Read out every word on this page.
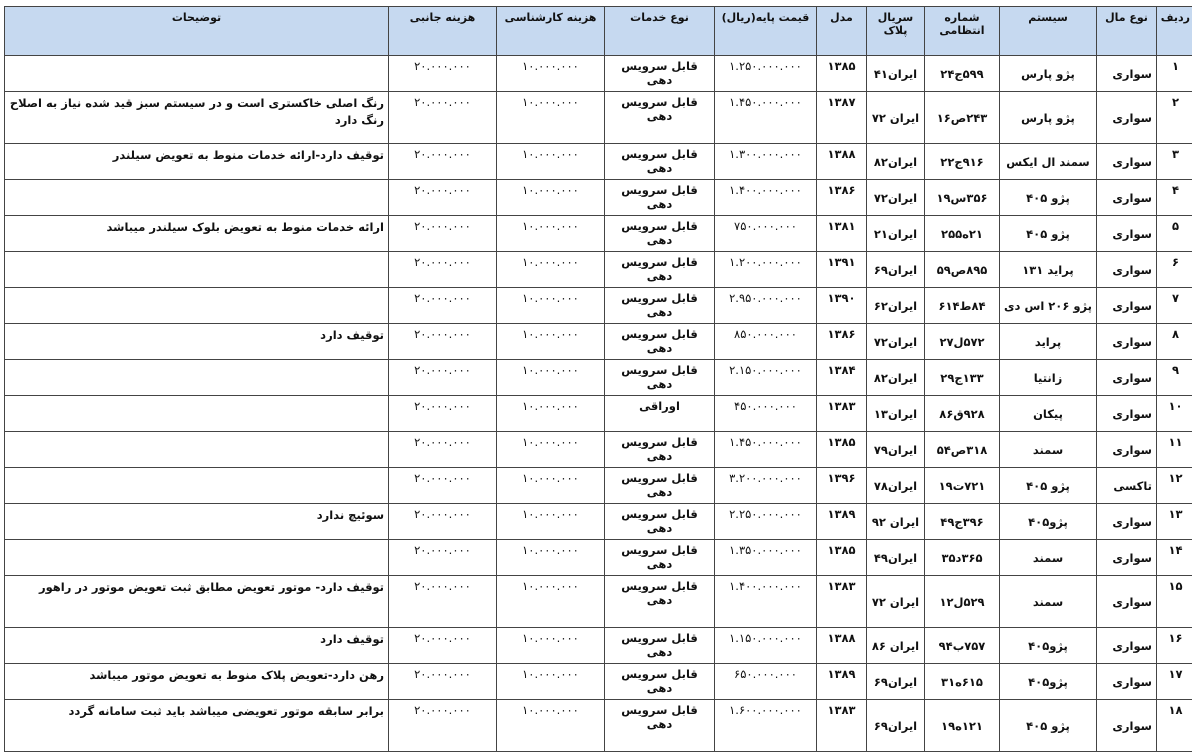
ردیف	نوع مال	سیستم	شماره انتظامی	سریال پلاک	مدل	قیمت پایه(ریال)	نوع خدمات	هزینه کارشناسی	هزینه جانبی	توضیحات
۱	سواری	پژو پارس	۵۹۹ج۲۴	ایران۴۱	۱۳۸۵	۱.۲۵۰.۰۰۰.۰۰۰	قابل سرویس دهی	۱۰.۰۰۰.۰۰۰	۲۰.۰۰۰.۰۰۰	
۲	سواری	پژو پارس	۲۴۳ص۱۶	ایران ۷۲	۱۳۸۷	۱.۴۵۰.۰۰۰.۰۰۰	قابل سرویس دهی	۱۰.۰۰۰.۰۰۰	۲۰.۰۰۰.۰۰۰	رنگ اصلی خاکستری است و در سیستم سبز قید شده نیاز به اصلاح رنگ دارد
۳	سواری	سمند ال ایکس	۹۱۶ج۲۲	ایران۸۲	۱۳۸۸	۱.۳۰۰.۰۰۰.۰۰۰	قابل سرویس دهی	۱۰.۰۰۰.۰۰۰	۲۰.۰۰۰.۰۰۰	توقیف دارد-ارائه خدمات منوط به تعویض سیلندر
۴	سواری	پژو ۴۰۵	۳۵۶س۱۹	ایران۷۲	۱۳۸۶	۱.۴۰۰.۰۰۰.۰۰۰	قابل سرویس دهی	۱۰.۰۰۰.۰۰۰	۲۰.۰۰۰.۰۰۰	
۵	سواری	پژو ۴۰۵	۲۱ه۲۵۵	ایران۲۱	۱۳۸۱	۷۵۰.۰۰۰.۰۰۰	قابل سرویس دهی	۱۰.۰۰۰.۰۰۰	۲۰.۰۰۰.۰۰۰	ارائه خدمات منوط به تعویض بلوک سیلندر میباشد
۶	سواری	پراید ۱۳۱	۸۹۵ص۵۹	ایران۶۹	۱۳۹۱	۱.۲۰۰.۰۰۰.۰۰۰	قابل سرویس دهی	۱۰.۰۰۰.۰۰۰	۲۰.۰۰۰.۰۰۰	
۷	سواری	پژو ۲۰۶ اس دی	۸۴ط۶۱۴	ایران۶۲	۱۳۹۰	۲.۹۵۰.۰۰۰.۰۰۰	قابل سرویس دهی	۱۰.۰۰۰.۰۰۰	۲۰.۰۰۰.۰۰۰	
۸	سواری	پراید	۵۷۲ل۲۷	ایران۷۲	۱۳۸۶	۸۵۰.۰۰۰.۰۰۰	قابل سرویس دهی	۱۰.۰۰۰.۰۰۰	۲۰.۰۰۰.۰۰۰	توقیف دارد
۹	سواری	زانتیا	۱۳۳ج۲۹	ایران۸۲	۱۳۸۴	۲.۱۵۰.۰۰۰.۰۰۰	قابل سرویس دهی	۱۰.۰۰۰.۰۰۰	۲۰.۰۰۰.۰۰۰	
۱۰	سواری	پیکان	۹۲۸ق۸۶	ایران۱۳	۱۳۸۳	۴۵۰.۰۰۰.۰۰۰	اوراقی	۱۰.۰۰۰.۰۰۰	۲۰.۰۰۰.۰۰۰	
۱۱	سواری	سمند	۳۱۸ص۵۴	ایران۷۹	۱۳۸۵	۱.۴۵۰.۰۰۰.۰۰۰	قابل سرویس دهی	۱۰.۰۰۰.۰۰۰	۲۰.۰۰۰.۰۰۰	
۱۲	تاکسی	پژو ۴۰۵	۷۲۱ت۱۹	ایران۷۸	۱۳۹۶	۳.۲۰۰.۰۰۰.۰۰۰	قابل سرویس دهی	۱۰.۰۰۰.۰۰۰	۲۰.۰۰۰.۰۰۰	
۱۳	سواری	پژو۴۰۵	۳۹۶ج۴۹	ایران ۹۲	۱۳۸۹	۲.۲۵۰.۰۰۰.۰۰۰	قابل سرویس دهی	۱۰.۰۰۰.۰۰۰	۲۰.۰۰۰.۰۰۰	سوئیچ ندارد
۱۴	سواری	سمند	۳۶۵د۳۵	ایران۴۹	۱۳۸۵	۱.۳۵۰.۰۰۰.۰۰۰	قابل سرویس دهی	۱۰.۰۰۰.۰۰۰	۲۰.۰۰۰.۰۰۰	
۱۵	سواری	سمند	۵۲۹ل۱۲	ایران ۷۲	۱۳۸۳	۱.۴۰۰.۰۰۰.۰۰۰	قابل سرویس دهی	۱۰.۰۰۰.۰۰۰	۲۰.۰۰۰.۰۰۰	توقیف دارد- موتور تعویض مطابق ثبت تعویض موتور در راهور
۱۶	سواری	پژو۴۰۵	۷۵۷ب۹۴	ایران ۸۶	۱۳۸۸	۱.۱۵۰.۰۰۰.۰۰۰	قابل سرویس دهی	۱۰.۰۰۰.۰۰۰	۲۰.۰۰۰.۰۰۰	توقیف دارد
۱۷	سواری	پژو۴۰۵	۶۱۵ه۳۱	ایران۶۹	۱۳۸۹	۶۵۰.۰۰۰.۰۰۰	قابل سرویس دهی	۱۰.۰۰۰.۰۰۰	۲۰.۰۰۰.۰۰۰	رهن دارد-تعویض پلاک منوط به تعویض موتور میباشد
۱۸	سواری	پژو ۴۰۵	۱۲۱ه۱۹	ایران۶۹	۱۳۸۳	۱.۶۰۰.۰۰۰.۰۰۰	قابل سرویس دهی	۱۰.۰۰۰.۰۰۰	۲۰.۰۰۰.۰۰۰	برابر سابقه موتور تعویضی میباشد باید ثبت سامانه گردد
